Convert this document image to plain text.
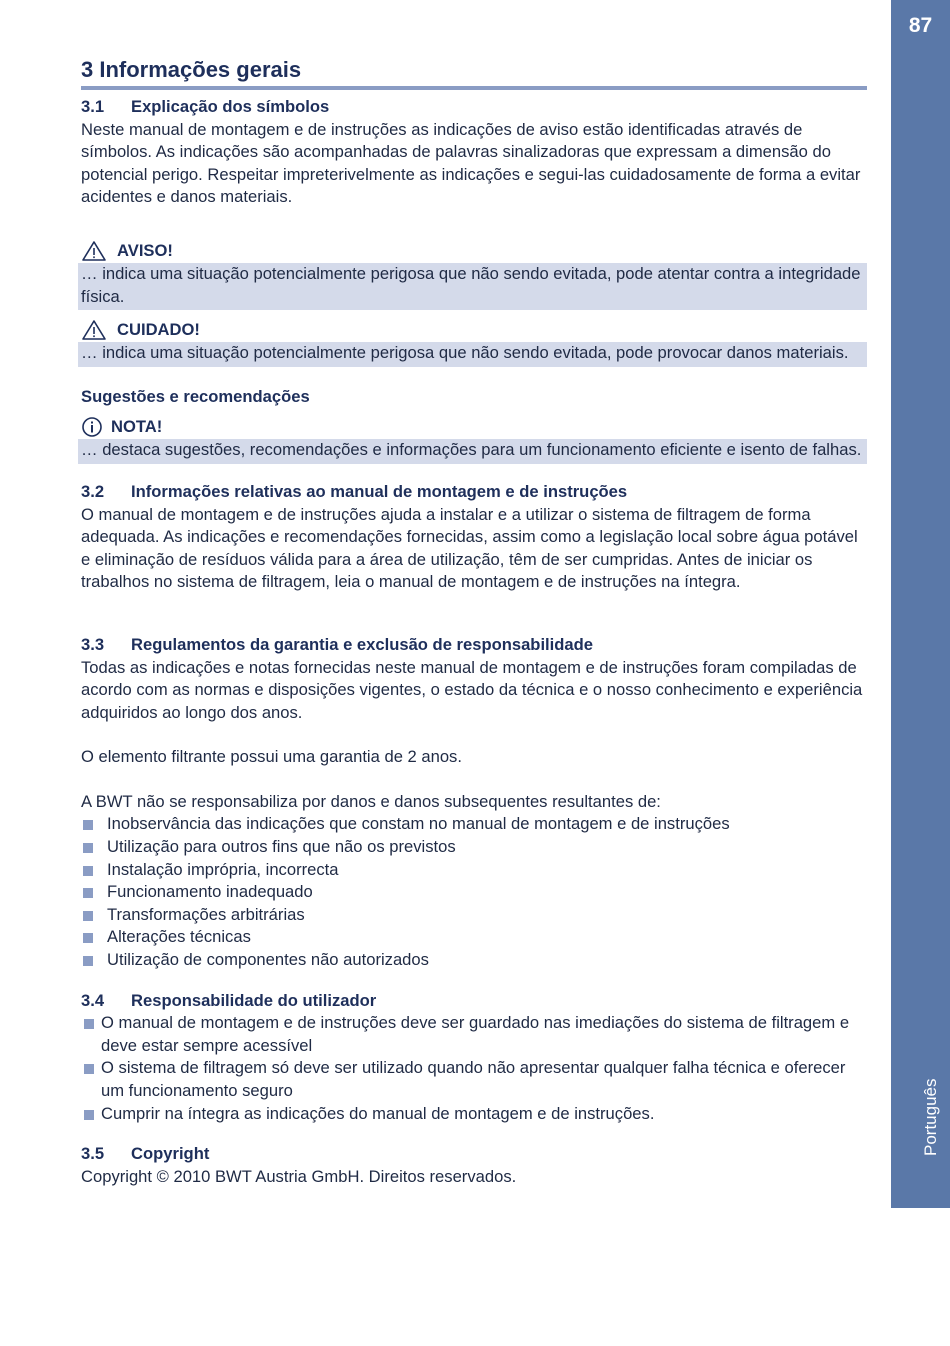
87
Português
3 Informações gerais
3.1 Explicação dos símbolos

Neste manual de montagem e de instruções as indicações de aviso estão identificadas através de símbolos. As indicações são acompanhadas de palavras sinalizadoras que expressam a dimensão do potencial perigo. Respeitar impreterivelmente as indicações e segui-las cuidadosamente de forma a evitar acidentes e danos materiais.

AVISO!

… indica uma situação potencialmente perigosa que não sendo evitada, pode atentar contra a integridade física.

CUIDADO!

… indica uma situação potencialmente perigosa que não sendo evitada, pode provocar danos materiais.

Sugestões e recomendações
NOTA!

… destaca sugestões, recomendações e informações para um funcionamento eficiente e isento de falhas.

3.2 Informações relativas ao manual de montagem e de instruções

O manual de montagem e de instruções ajuda a instalar e a utilizar o sistema de filtragem de forma adequada. As indicações e recomendações fornecidas, assim como a legislação local sobre água potável e eliminação de resíduos válida para a área de utilização, têm de ser cumpridas. Antes de iniciar os trabalhos no sistema de filtragem, leia o manual de montagem e de instruções na íntegra.

3.3 Regulamentos da garantia e exclusão de responsabilidade

Todas as indicações e notas fornecidas neste manual de montagem e de instruções foram compiladas de acordo com as normas e disposições vigentes, o estado da técnica e o nosso conhecimento e experiência adquiridos ao longo dos anos.

O elemento filtrante possui uma garantia de 2 anos.

A BWT não se responsabiliza por danos e danos subsequentes resultantes de:

Inobservância das indicações que constam no manual de montagem e de instruções
Utilização para outros fins que não os previstos
Instalação imprópria, incorrecta
Funcionamento inadequado
Transformações arbitrárias
Alterações técnicas
Utilização de componentes não autorizados
3.4 Responsabilidade do utilizador
O manual de montagem e de instruções deve ser guardado nas imediações do sistema de filtragem e deve estar sempre acessível
O sistema de filtragem só deve ser utilizado quando não apresentar qualquer falha técnica e oferecer um funcionamento seguro
Cumprir na íntegra as indicações do manual de montagem e de instruções.
3.5 Copyright

Copyright © 2010 BWT Austria GmbH. Direitos reservados.
